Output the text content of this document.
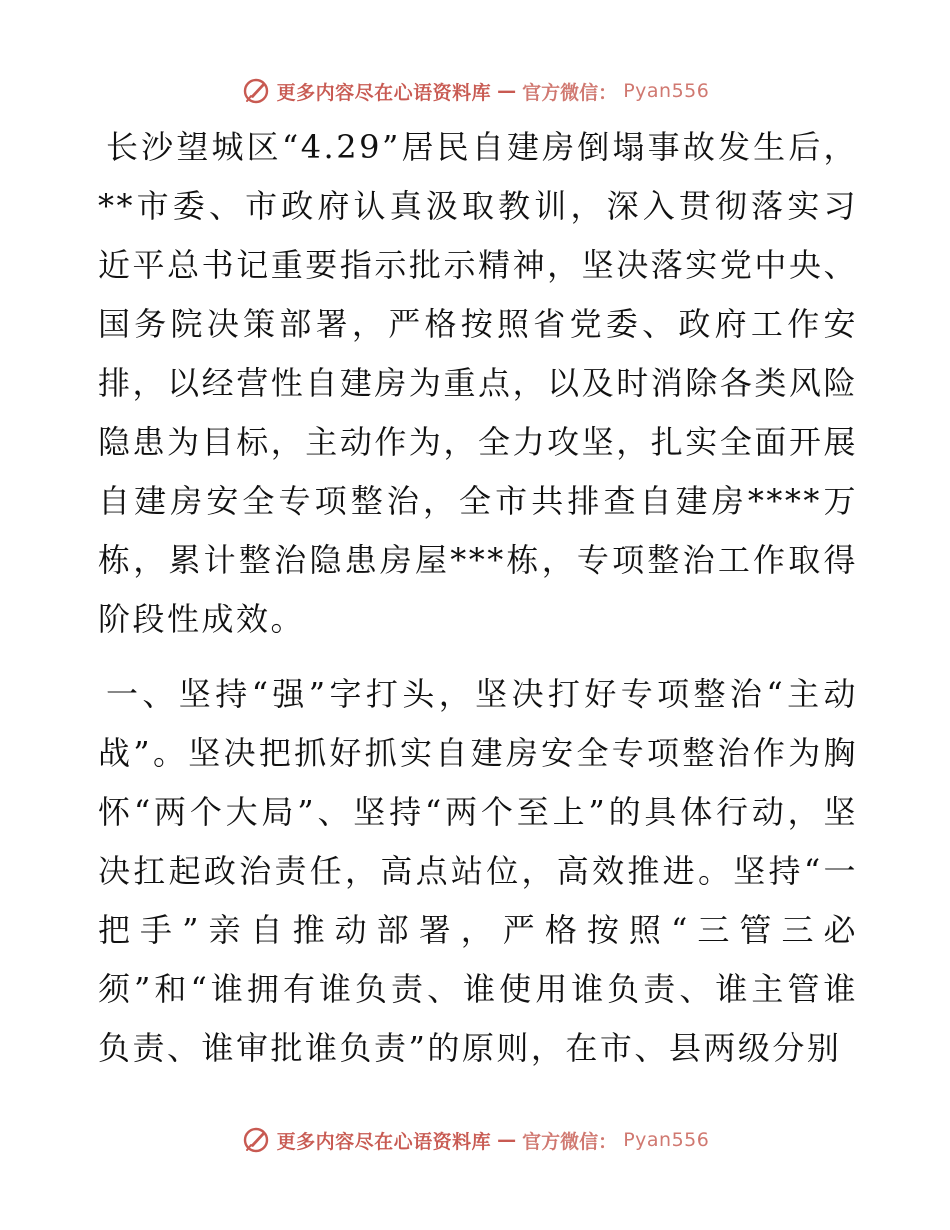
更多内容尽在心语资料库 — 官方微信： Pyan556

长沙望城区“4.29”居民自建房倒塌事故发生后，**市委、市政府认真汲取教训，深入贯彻落实习近平总书记重要指示批示精神，坚决落实党中央、国务院决策部署，严格按照省党委、政府工作安排，以经营性自建房为重点，以及时消除各类风险隐患为目标，主动作为，全力攻坚，扎实全面开展自建房安全专项整治，全市共排查自建房****万栋，累计整治隐患房屋***栋，专项整治工作取得阶段性成效。

一、坚持“强”字打头，坚决打好专项整治“主动战”。坚决把抓好抓实自建房安全专项整治作为胸怀“两个大局”、坚持“两个至上”的具体行动，坚决扛起政治责任，高点站位，高效推进。坚持“一把手”亲自推动部署，严格按照“三管三必须”和“谁拥有谁负责、谁使用谁负责、谁主管谁负责、谁审批谁负责”的原则，在市、县两级分别

更多内容尽在心语资料库 — 官方微信： Pyan556
